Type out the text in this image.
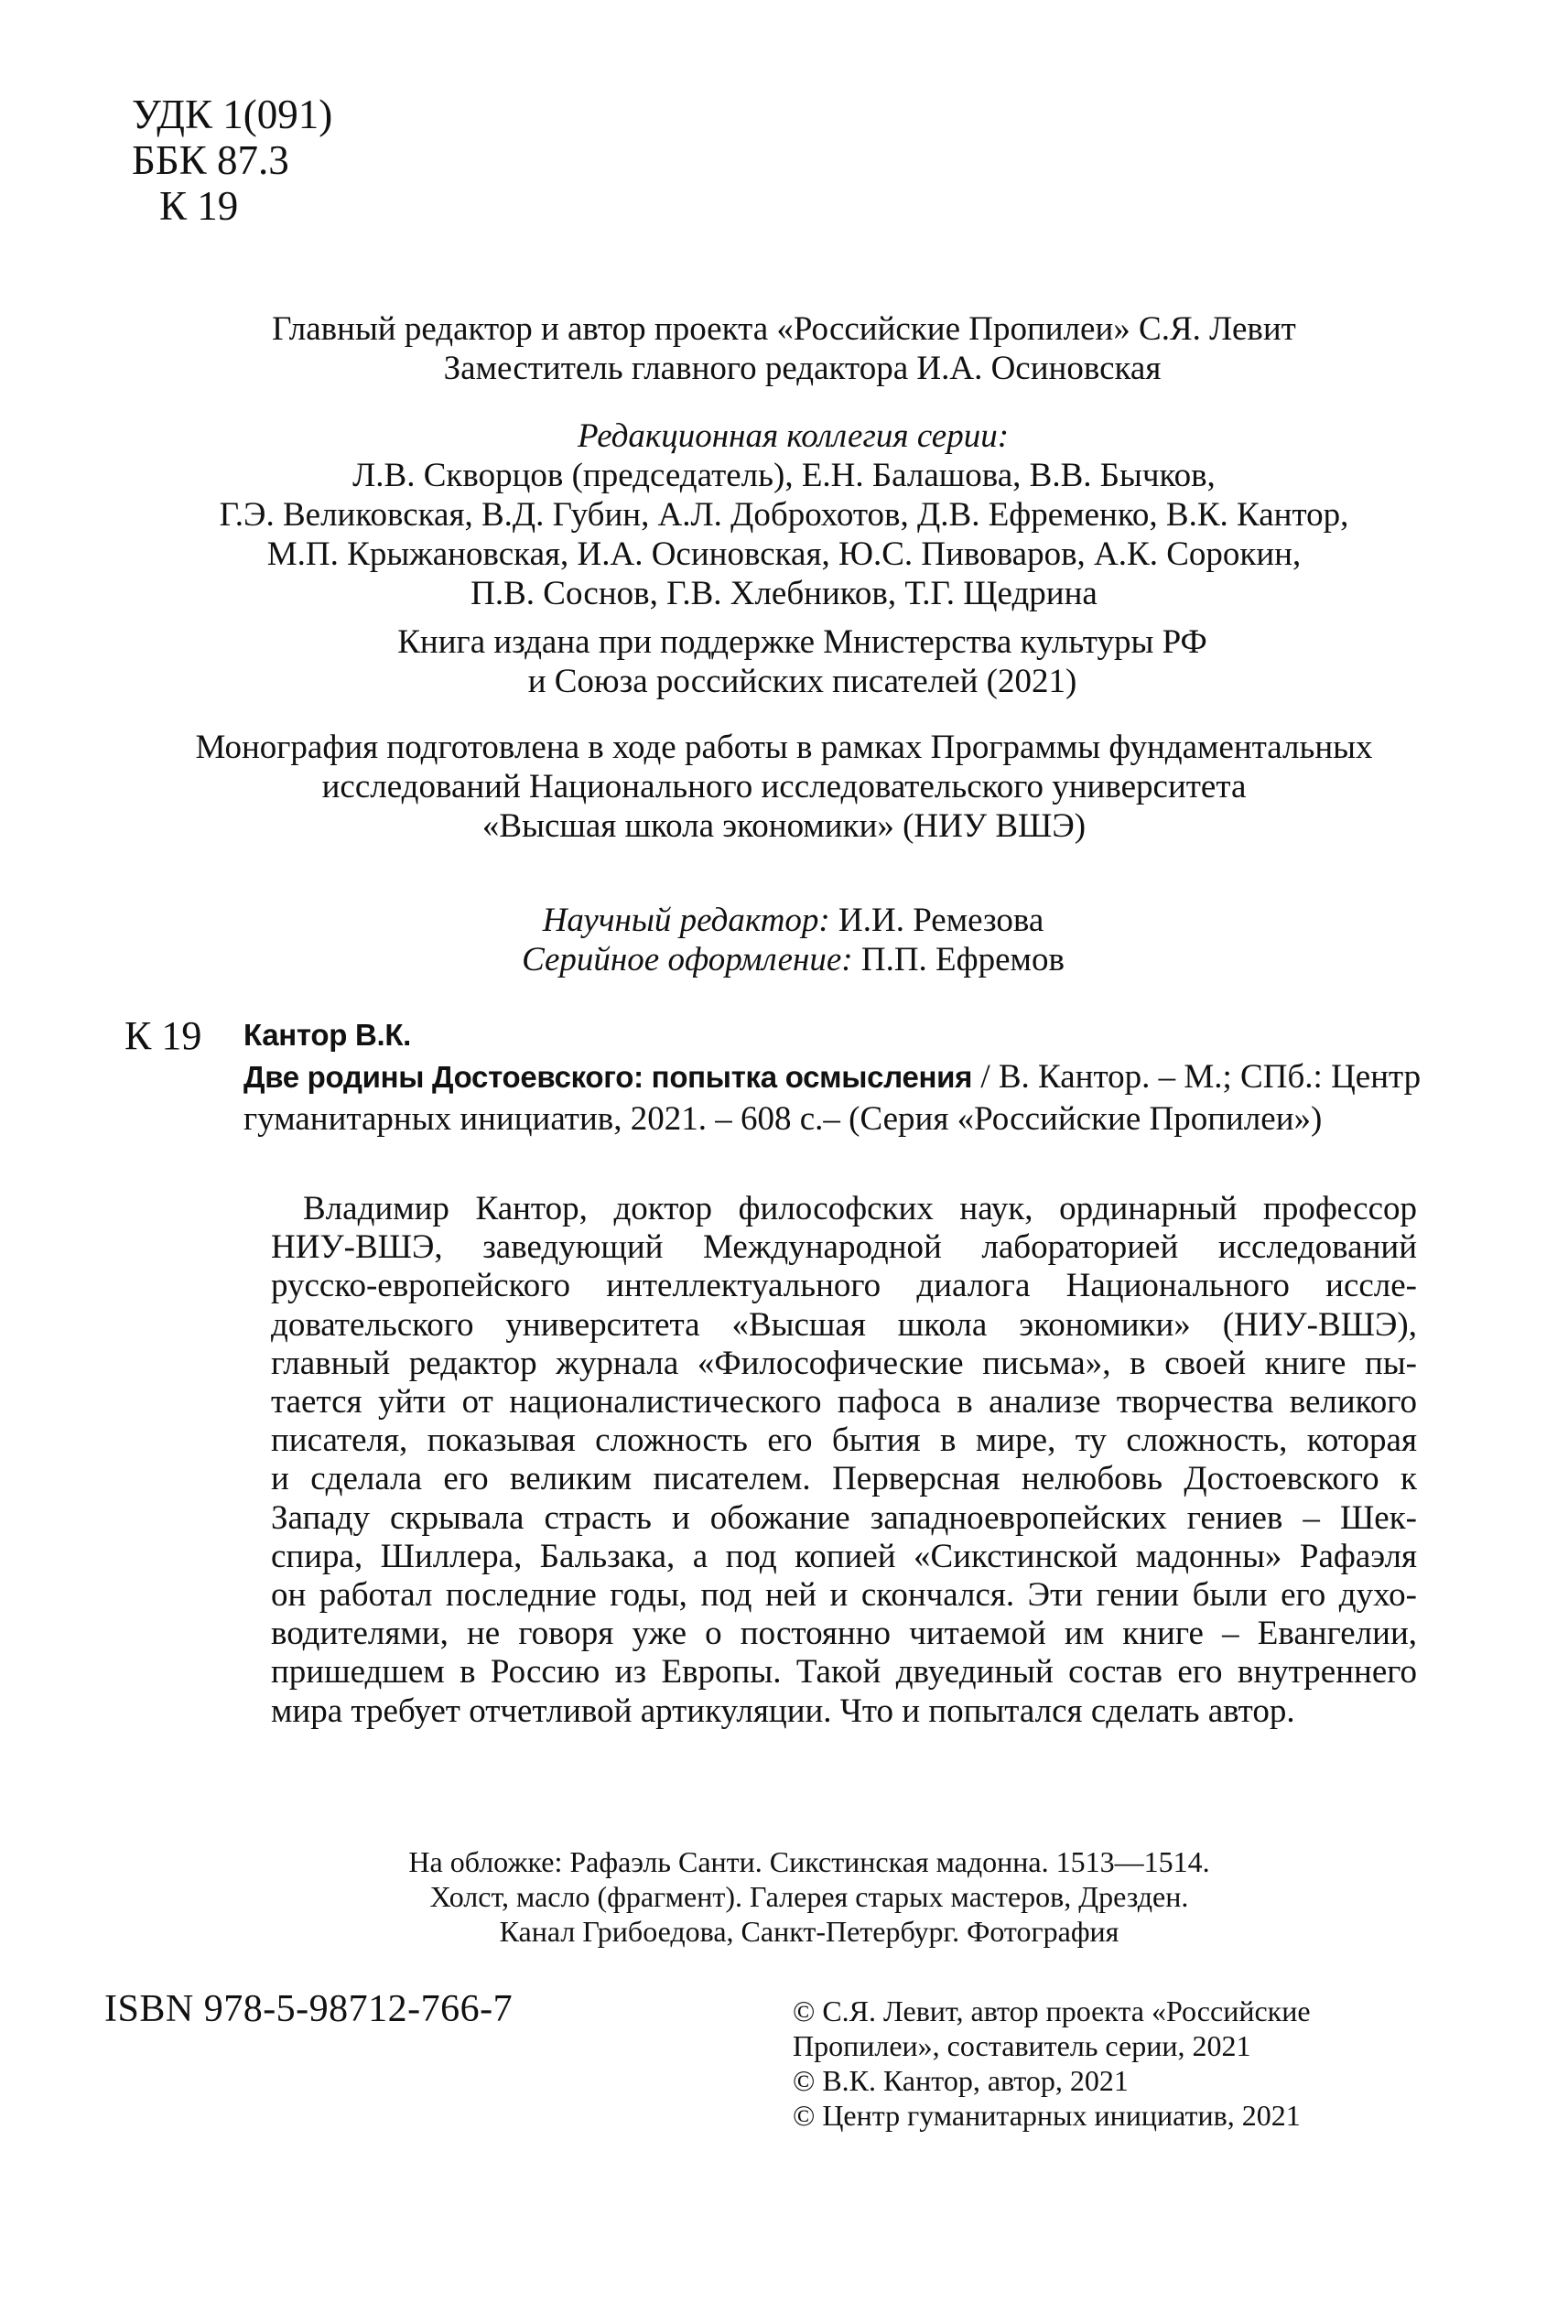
УДК 1(091)
ББК 87.3
К 19
Главный редактор и автор проекта «Российские Пропилеи» С.Я. Левит
Заместитель главного редактора И.А. Осиновская
Редакционная коллегия серии:
Л.В. Скворцов (председатель), Е.Н. Балашова, В.В. Бычков,
Г.Э. Великовская, В.Д. Губин, А.Л. Доброхотов, Д.В. Ефременко, В.К. Кантор,
М.П. Крыжановская, И.А. Осиновская, Ю.С. Пивоваров, А.К. Сорокин,
П.В. Соснов, Г.В. Хлебников, Т.Г. Щедрина
Книга издана при поддержке Мнистерства культуры РФ
и Союза российских писателей (2021)
Монография подготовлена в ходе работы в рамках Программы фундаментальных
исследований Национального исследовательского университета
«Высшая школа экономики» (НИУ ВШЭ)
Научный редактор: И.И. Ремезова
Серийное оформление: П.П. Ефремов
К 19 Кантор В.К.
Две родины Достоевского: попытка осмысления / В. Кантор. – М.; СПб.: Центр
гуманитарных инициатив, 2021. – 608 с.– (Серия «Российские Пропилеи»)
Владимир Кантор, доктор философских наук, ординарный профессор
НИУ-ВШЭ, заведующий Международной лабораторией исследований
русско-европейского интеллектуального диалога Национального иссле-
довательского университета «Высшая школа экономики» (НИУ-ВШЭ),
главный редактор журнала «Философические письма», в своей книге пы-
тается уйти от националистического пафоса в анализе творчества великого
писателя, показывая сложность его бытия в мире, ту сложность, которая
и сделала его великим писателем. Перверсная нелюбовь Достоевского к
Западу скрывала страсть и обожание западноевропейских гениев – Шек-
спира, Шиллера, Бальзака, а под копией «Сикстинской мадонны» Рафаэля
он работал последние годы, под ней и скончался. Эти гении были его духо-
водителями, не говоря уже о постоянно читаемой им книге – Евангелии,
пришедшем в Россию из Европы. Такой двуединый состав его внутреннего
мира требует отчетливой артикуляции. Что и попытался сделать автор.
На обложке: Рафаэль Санти. Сикстинская мадонна. 1513—1514.
Холст, масло (фрагмент). Галерея старых мастеров, Дрезден.
Канал Грибоедова, Санкт-Петербург. Фотография
ISBN 978-5-98712-766-7	© С.Я. Левит, автор проекта «Российские
Пропилеи», составитель серии, 2021
© В.К. Кантор, автор, 2021
© Центр гуманитарных инициатив, 2021
